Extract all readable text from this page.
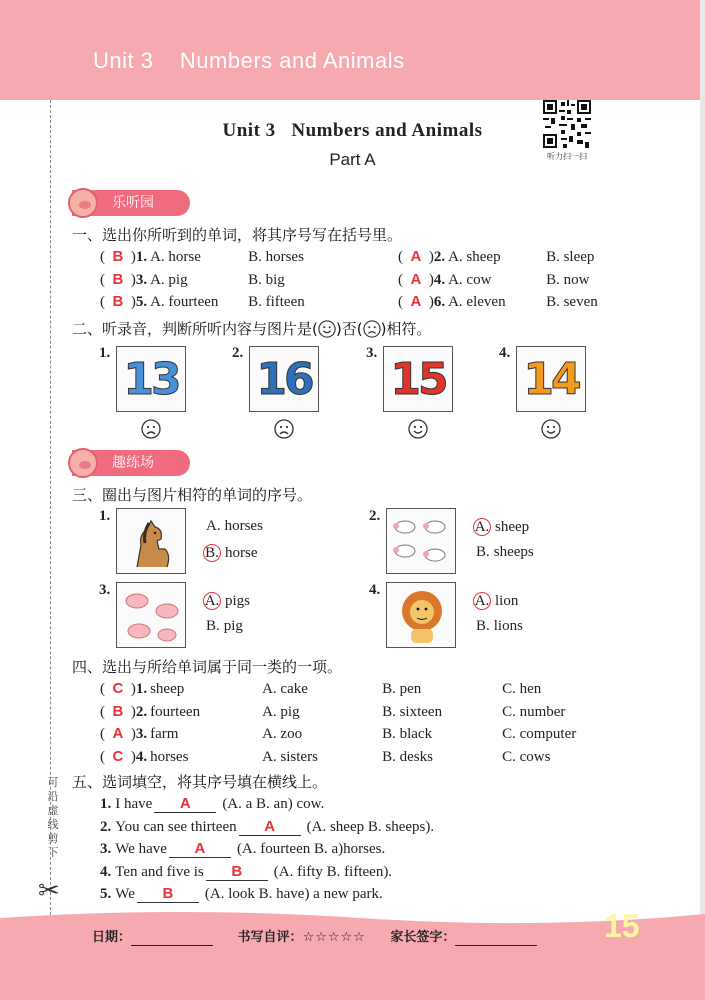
Unit 3    Numbers and Animals
可沿虚线剪下
✂
Unit 3   Numbers and Animals
Part A	听力扫一扫
乐听园
一、选出你所听到的单词，将其序号写在括号里。
(  B  )1. A. horse	B. horses	(  A  )2. A. sheep	B. sleep
(  B  )3. A. pig	B. big	(  A  )4. A. cow	B. now
(  B  )5. A. fourteen B. fifteen	(  A  )6. A. eleven	B. seven
二、听录音，判断所听内容与图片是( )否( )相符。
1.
13
2.
16
3.
15
4.
14
趣练场
三、圈出与图片相符的单词的序号。
1.
A. horses
B. horse
2.
A. sheep
B. sheeps
3.
A. pigs
B. pig
4.
A. lion
B. lions
四、选出与所给单词属于同一类的一项。
(  C  )1. sheep	A. cake	B. pen	C. hen
(  B  )2. fourteen	A. pig	B. sixteen	C. number
(  A  )3. farm	A. zoo	B. black	C. computer
(  C  )4. horses	A. sisters	B. desks	C. cows
五、选词填空，将其序号填在横线上。
1. I have A (A. a B. an) cow.
2. You can see thirteen A (A. sheep B. sheeps).
3. We have A (A. fourteen B. a)horses.
4. Ten and five is B (A. fifty B. fifteen).
5. We B (A. look B. have) a new park.
日期：	书写自评：☆☆☆☆☆ 家长签字：	15
